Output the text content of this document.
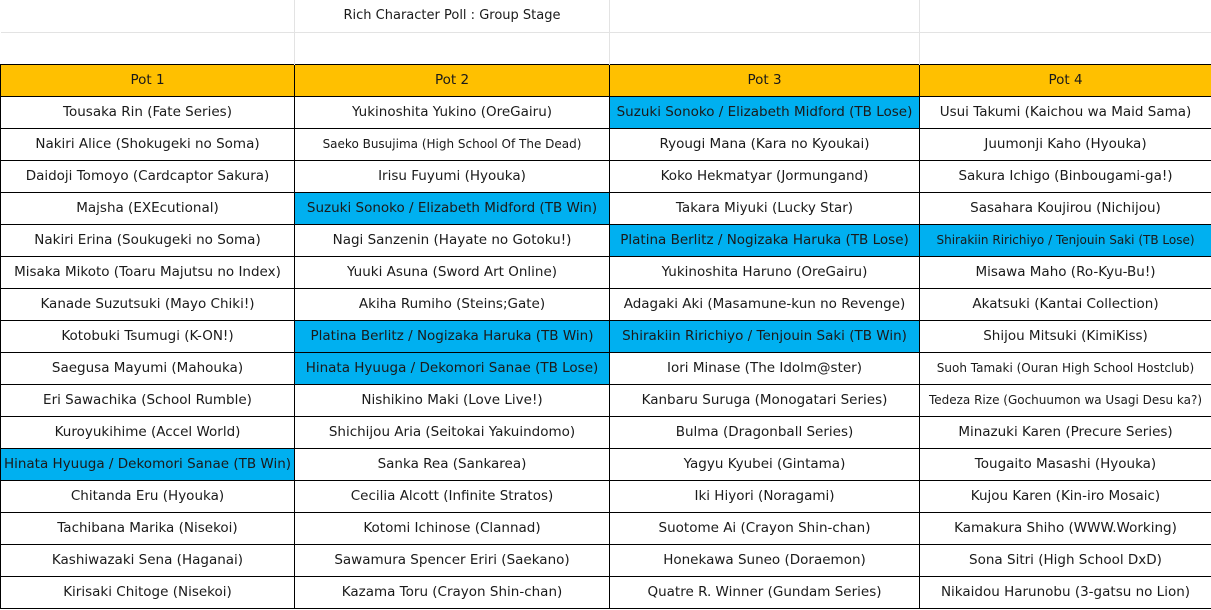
	Rich Character Poll : Group Stage		

Pot 1	Pot 2	Pot 3	Pot 4
Tousaka Rin (Fate Series)	Yukinoshita Yukino (OreGairu)	Suzuki Sonoko / Elizabeth Midford (TB Lose)	Usui Takumi (Kaichou wa Maid Sama)
Nakiri Alice (Shokugeki no Soma)	Saeko Busujima (High School Of The Dead)	Ryougi Mana (Kara no Kyoukai)	Juumonji Kaho (Hyouka)
Daidoji Tomoyo (Cardcaptor Sakura)	Irisu Fuyumi (Hyouka)	Koko Hekmatyar (Jormungand)	Sakura Ichigo (Binbougami-ga!)
Majsha (EXEcutional)	Suzuki Sonoko / Elizabeth Midford (TB Win)	Takara Miyuki (Lucky Star)	Sasahara Koujirou (Nichijou)
Nakiri Erina (Soukugeki no Soma)	Nagi Sanzenin (Hayate no Gotoku!)	Platina Berlitz / Nogizaka Haruka (TB Lose)	Shirakiin Ririchiyo / Tenjouin Saki (TB Lose)
Misaka Mikoto (Toaru Majutsu no Index)	Yuuki Asuna (Sword Art Online)	Yukinoshita Haruno (OreGairu)	Misawa Maho (Ro-Kyu-Bu!)
Kanade Suzutsuki (Mayo Chiki!)	Akiha Rumiho (Steins;Gate)	Adagaki Aki (Masamune-kun no Revenge)	Akatsuki (Kantai Collection)
Kotobuki Tsumugi (K-ON!)	Platina Berlitz / Nogizaka Haruka (TB Win)	Shirakiin Ririchiyo / Tenjouin Saki (TB Win)	Shijou Mitsuki (KimiKiss)
Saegusa Mayumi (Mahouka)	Hinata Hyuuga / Dekomori Sanae (TB Lose)	Iori Minase (The Idolm@ster)	Suoh Tamaki (Ouran High School Hostclub)
Eri Sawachika (School Rumble)	Nishikino Maki (Love Live!)	Kanbaru Suruga (Monogatari Series)	Tedeza Rize (Gochuumon wa Usagi Desu ka?)
Kuroyukihime (Accel World)	Shichijou Aria (Seitokai Yakuindomo)	Bulma (Dragonball Series)	Minazuki Karen (Precure Series)
Hinata Hyuuga / Dekomori Sanae (TB Win)	Sanka Rea (Sankarea)	Yagyu Kyubei (Gintama)	Tougaito Masashi (Hyouka)
Chitanda Eru (Hyouka)	Cecilia Alcott (Infinite Stratos)	Iki Hiyori (Noragami)	Kujou Karen (Kin-iro Mosaic)
Tachibana Marika (Nisekoi)	Kotomi Ichinose (Clannad)	Suotome Ai (Crayon Shin-chan)	Kamakura Shiho (WWW.Working)
Kashiwazaki Sena (Haganai)	Sawamura Spencer Eriri (Saekano)	Honekawa Suneo (Doraemon)	Sona Sitri (High School DxD)
Kirisaki Chitoge (Nisekoi)	Kazama Toru (Crayon Shin-chan)	Quatre R. Winner (Gundam Series)	Nikaidou Harunobu (3-gatsu no Lion)
